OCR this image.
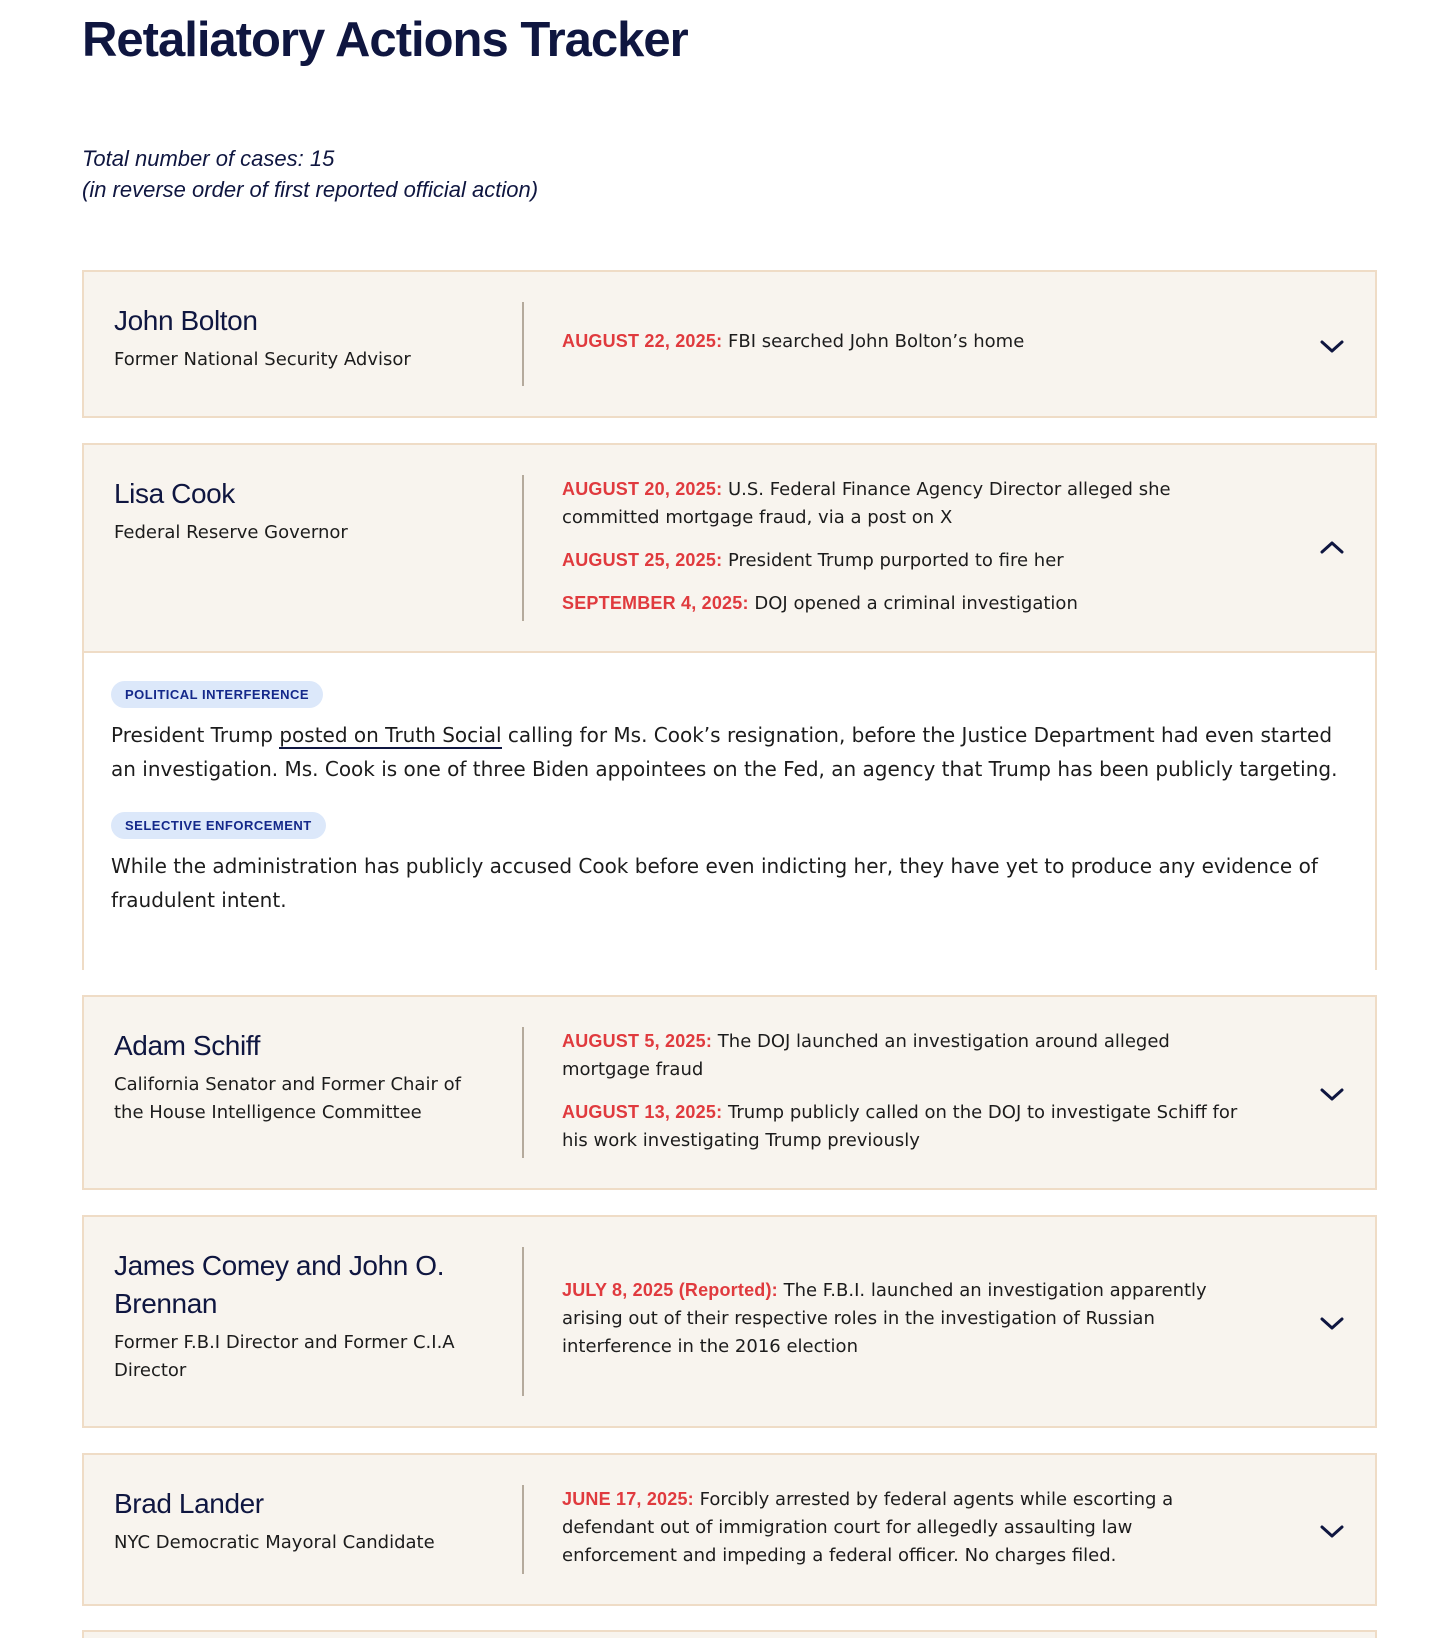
Retaliatory Actions Tracker
Total number of cases: 15
(in reverse order of first reported official action)
John Bolton
Former National Security Advisor
AUGUST 22, 2025: FBI searched John Bolton’s home
Lisa Cook
Federal Reserve Governor
AUGUST 20, 2025: U.S. Federal Finance Agency Director alleged she committed mortgage fraud, via a post on X
AUGUST 25, 2025: President Trump purported to fire her
SEPTEMBER 4, 2025: DOJ opened a criminal investigation
POLITICAL INTERFERENCE
President Trump posted on Truth Social calling for Ms. Cook’s resignation, before the Justice Department had even started an investigation. Ms. Cook is one of three Biden appointees on the Fed, an agency that Trump has been publicly targeting.
SELECTIVE ENFORCEMENT
While the administration has publicly accused Cook before even indicting her, they have yet to produce any evidence of fraudulent intent.
Adam Schiff
California Senator and Former Chair of the House Intelligence Committee
AUGUST 5, 2025: The DOJ launched an investigation around alleged mortgage fraud
AUGUST 13, 2025: Trump publicly called on the DOJ to investigate Schiff for his work investigating Trump previously
James Comey and John O. Brennan
Former F.B.I Director and Former C.I.A Director
JULY 8, 2025 (Reported): The F.B.I. launched an investigation apparently arising out of their respective roles in the investigation of Russian interference in the 2016 election
Brad Lander
NYC Democratic Mayoral Candidate
JUNE 17, 2025: Forcibly arrested by federal agents while escorting a defendant out of immigration court for allegedly assaulting law enforcement and impeding a federal officer. No charges filed.
